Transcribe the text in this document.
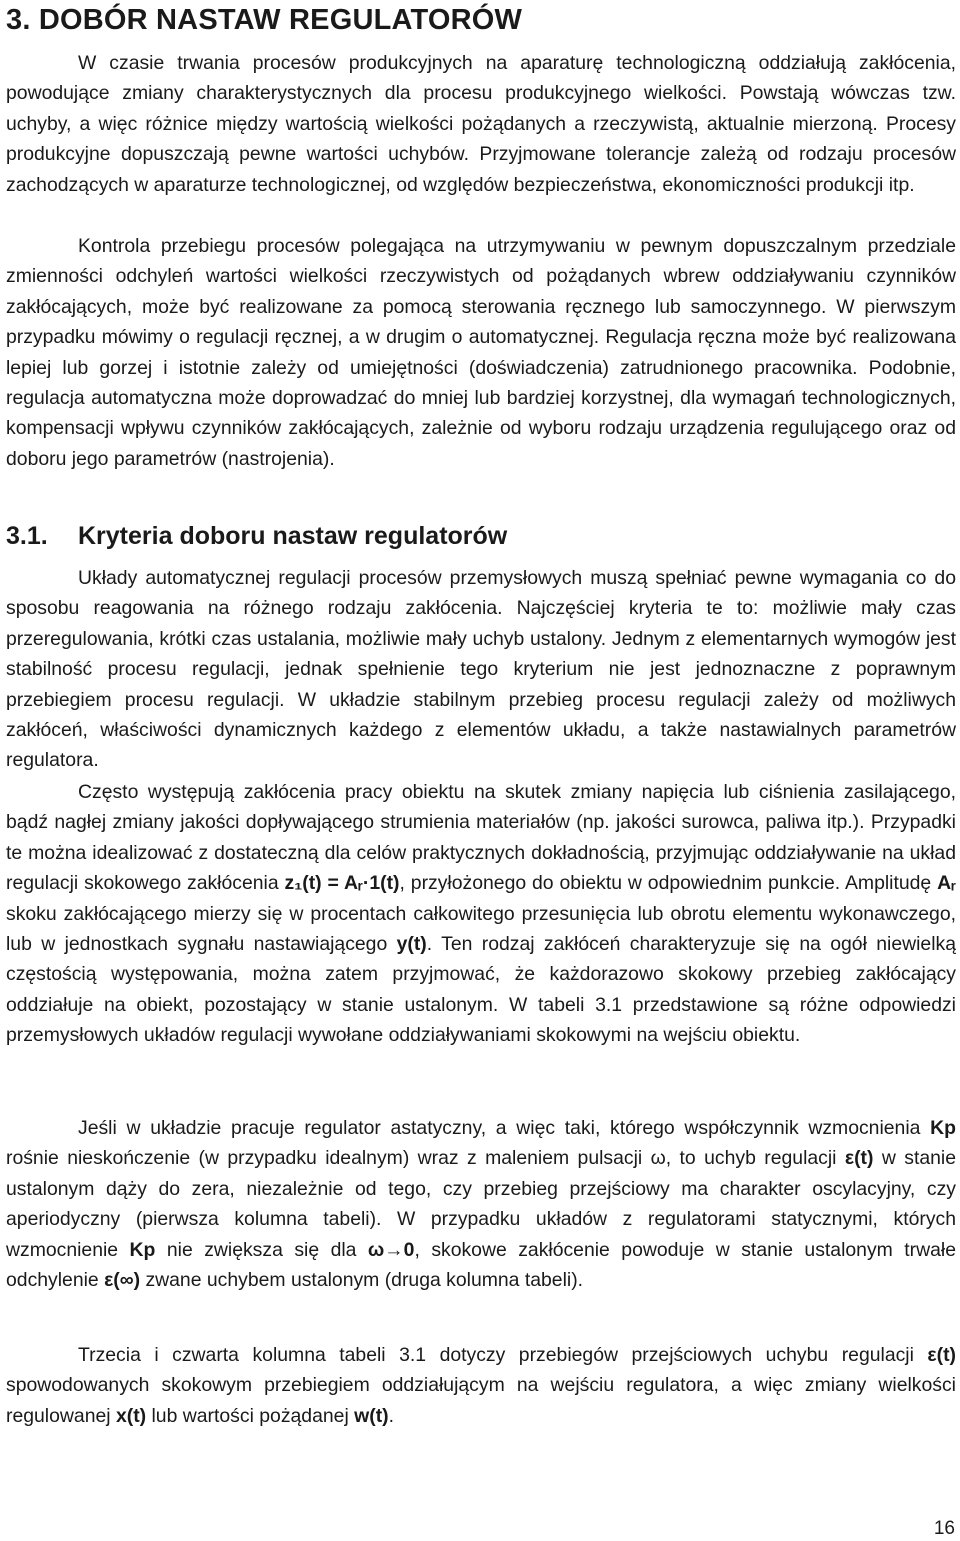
3. DOBÓR NASTAW REGULATORÓW

W czasie trwania procesów produkcyjnych na aparaturę technologiczną oddziałują zakłócenia, powodujące zmiany charakterystycznych dla procesu produkcyjnego wielkości. Powstają wówczas tzw. uchyby, a więc różnice między wartością wielkości pożądanych a rzeczywistą, aktualnie mierzoną. Procesy produkcyjne dopuszczają pewne wartości uchybów. Przyjmowane tolerancje zależą od rodzaju procesów zachodzących w aparaturze technologicznej, od względów bezpieczeństwa, ekonomiczności produkcji itp.

Kontrola przebiegu procesów polegająca na utrzymywaniu w pewnym dopuszczalnym przedziale zmienności odchyleń wartości wielkości rzeczywistych od pożądanych wbrew oddziaływaniu czynników zakłócających, może być realizowane za pomocą sterowania ręcznego lub samoczynnego. W pierwszym przypadku mówimy o regulacji ręcznej, a w drugim o automatycznej. Regulacja ręczna może być realizowana lepiej lub gorzej i istotnie zależy od umiejętności (doświadczenia) zatrudnionego pracownika. Podobnie, regulacja automatyczna może doprowadzać do mniej lub bardziej korzystnej, dla wymagań technologicznych, kompensacji wpływu czynników zakłócających, zależnie od wyboru rodzaju urządzenia regulującego oraz od doboru jego parametrów (nastrojenia).

3.1. Kryteria doboru nastaw regulatorów

Układy automatycznej regulacji procesów przemysłowych muszą spełniać pewne wymagania co do sposobu reagowania na różnego rodzaju zakłócenia. Najczęściej kryteria te to: możliwie mały czas przeregulowania, krótki czas ustalania, możliwie mały uchyb ustalony. Jednym z elementarnych wymogów jest stabilność procesu regulacji, jednak spełnienie tego kryterium nie jest jednoznaczne z poprawnym przebiegiem procesu regulacji. W układzie stabilnym przebieg procesu regulacji zależy od możliwych zakłóceń, właściwości dynamicznych każdego z elementów układu, a także nastawialnych parametrów regulatora.

Często występują zakłócenia pracy obiektu na skutek zmiany napięcia lub ciśnienia zasilającego, bądź nagłej zmiany jakości dopływającego strumienia materiałów (np. jakości surowca, paliwa itp.). Przypadki te można idealizować z dostateczną dla celów praktycznych dokładnością, przyjmując oddziaływanie na układ regulacji skokowego zakłócenia z₁(t) = Aᵣ·1(t), przyłożonego do obiektu w odpowiednim punkcie. Amplitudę Aᵣ skoku zakłócającego mierzy się w procentach całkowitego przesunięcia lub obrotu elementu wykonawczego, lub w jednostkach sygnału nastawiającego y(t). Ten rodzaj zakłóceń charakteryzuje się na ogół niewielką częstością występowania, można zatem przyjmować, że każdorazowo skokowy przebieg zakłócający oddziałuje na obiekt, pozostający w stanie ustalonym. W tabeli 3.1 przedstawione są różne odpowiedzi przemysłowych układów regulacji wywołane oddziaływaniami skokowymi na wejściu obiektu.

Jeśli w układzie pracuje regulator astatyczny, a więc taki, którego współczynnik wzmocnienia Kp rośnie nieskończenie (w przypadku idealnym) wraz z maleniem pulsacji ω, to uchyb regulacji ε(t) w stanie ustalonym dąży do zera, niezależnie od tego, czy przebieg przejściowy ma charakter oscylacyjny, czy aperiodyczny (pierwsza kolumna tabeli). W przypadku układów z regulatorami statycznymi, których wzmocnienie Kp nie zwiększa się dla ω→0, skokowe zakłócenie powoduje w stanie ustalonym trwałe odchylenie ε(∞) zwane uchybem ustalonym (druga kolumna tabeli).

Trzecia i czwarta kolumna tabeli 3.1 dotyczy przebiegów przejściowych uchybu regulacji ε(t) spowodowanych skokowym przebiegiem oddziałującym na wejściu regulatora, a więc zmiany wielkości regulowanej x(t) lub wartości pożądanej w(t).

16
